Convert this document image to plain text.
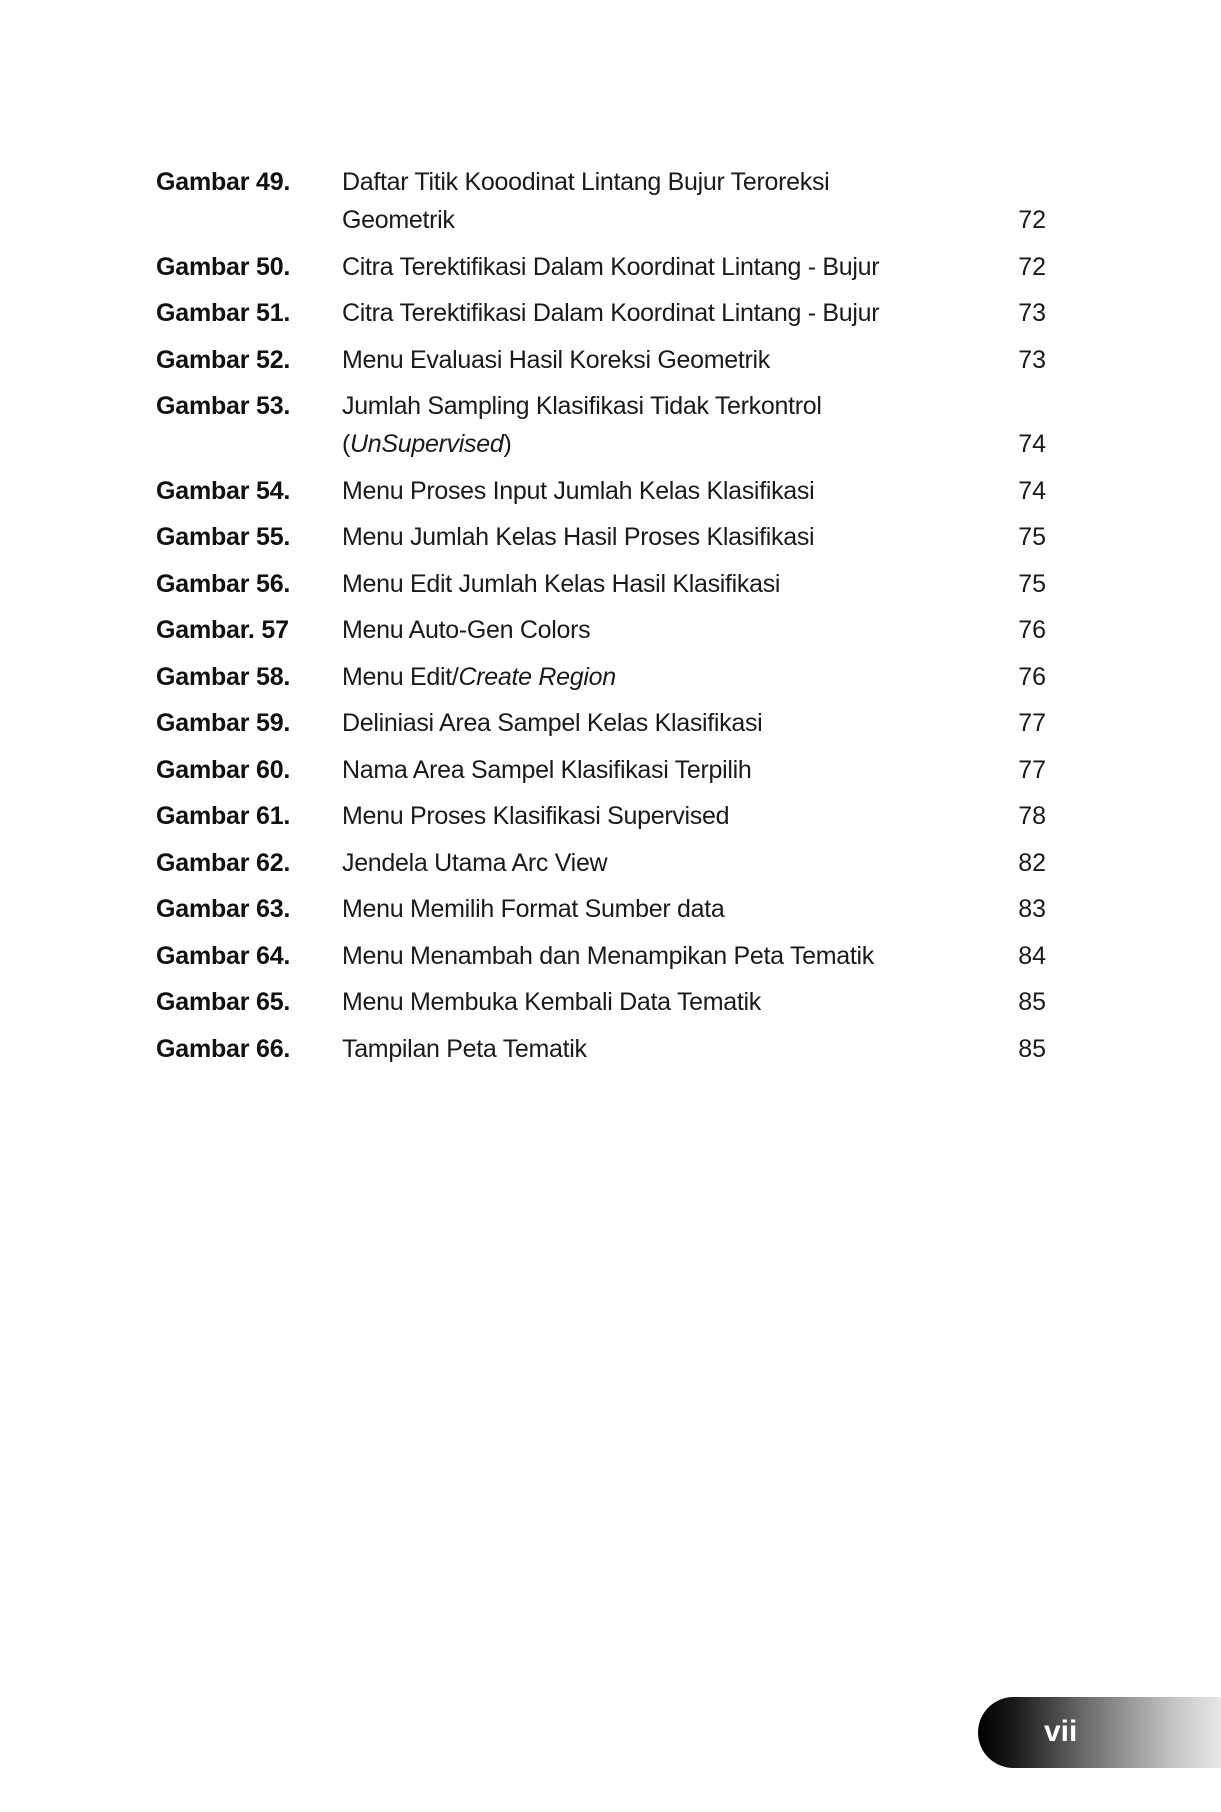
Gambar 49.	Daftar Titik Kooodinat Lintang Bujur Teroreksi
Geometrik	72
Gambar 50.	Citra Terektifikasi Dalam Koordinat Lintang - Bujur	72
Gambar 51.	Citra Terektifikasi Dalam Koordinat Lintang - Bujur	73
Gambar 52.	Menu Evaluasi Hasil Koreksi Geometrik	73
Gambar 53.	Jumlah Sampling Klasifikasi Tidak Terkontrol
(UnSupervised)	74
Gambar 54.	Menu Proses Input Jumlah Kelas Klasifikasi	74
Gambar 55.	Menu Jumlah Kelas Hasil Proses Klasifikasi	75
Gambar 56.	Menu Edit Jumlah Kelas Hasil Klasifikasi	75
Gambar. 57	Menu Auto-Gen Colors	76
Gambar 58.	Menu Edit/Create Region	76
Gambar 59.	Deliniasi Area Sampel Kelas Klasifikasi	77
Gambar 60.	Nama Area Sampel Klasifikasi Terpilih	77
Gambar 61.	Menu Proses Klasifikasi Supervised	78
Gambar 62.	Jendela Utama Arc View	82
Gambar 63.	Menu Memilih Format Sumber data	83
Gambar 64.	Menu Menambah dan Menampikan Peta Tematik	84
Gambar 65.	Menu Membuka Kembali Data Tematik	85
Gambar 66.	Tampilan Peta Tematik	85
vii
